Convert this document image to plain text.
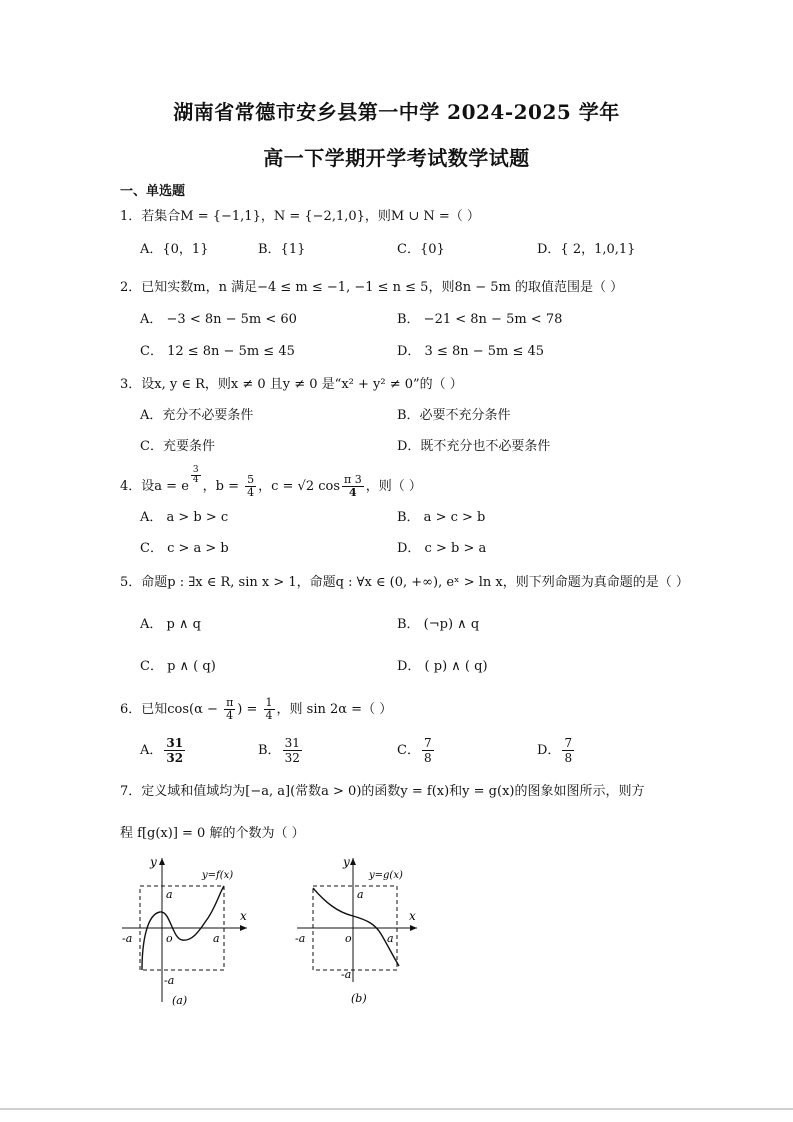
湖南省常德市安乡县第一中学 2024-2025 学年
高一下学期开学考试数学试题
一、单选题
1．若集合M = {−1,1}，N = {−2,1,0}，则M ∪ N =（ ）
A．{0，1}	B．{1}	C．{0}	D．{ 2，1,0,1}
2．已知实数m，n 满足−4 ≤ m ≤ −1, −1 ≤ n ≤ 5，则8n − 5m 的取值范围是（ ）
A． −3 < 8n − 5m < 60	B． −21 < 8n − 5m < 78
C． 12 ≤ 8n − 5m ≤ 45	D． 3 ≤ 8n − 5m ≤ 45
3．设x, y ∈ R，则x ≠ 0 且y ≠ 0 是“x² + y² ≠ 0”的（ ）
A．充分不必要条件	B．必要不充分条件
C．充要条件	D．既不充分也不必要条件
4．设a = e
$\frac{3}{4}$
，$b = \frac{5}{4}$ ，c = √2 $\cos \frac{\pi 3}{4}$ ，则（ ）
A． a > b > c	B． a > c > b
C． c > a > b	D． c > b > a
5．命题p : ∃x ∈ R, sin x > 1，命题q : ∀x ∈ (0, +∞), eˣ > ln x，则下列命题为真命题的是（ ）
A． p ∧ q	B． (¬p) ∧ q
C． p ∧ ( q)	D． ( p) ∧ ( q)
6．已知$\cos(\alpha - \frac{\pi}{4}$ ) = $\frac{1}{4}$ ，则 sin 2α =（ ）
A． $\frac{31}{32}$	B． $\frac{31}{32}$	C． $\frac{7}{8}$	D． $\frac{7}{8}$
7．定义域和值域均为[−a, a](常数a > 0)的函数y = f(x)和y = g(x)的图象如图所示，则方
程 f[g(x)] = 0 解的个数为（ ）
y=f(x)
x
y
o
a
a
-a
-a
(a)
y=g(x)
x
y
o
a
a
-a
-a
(b)
